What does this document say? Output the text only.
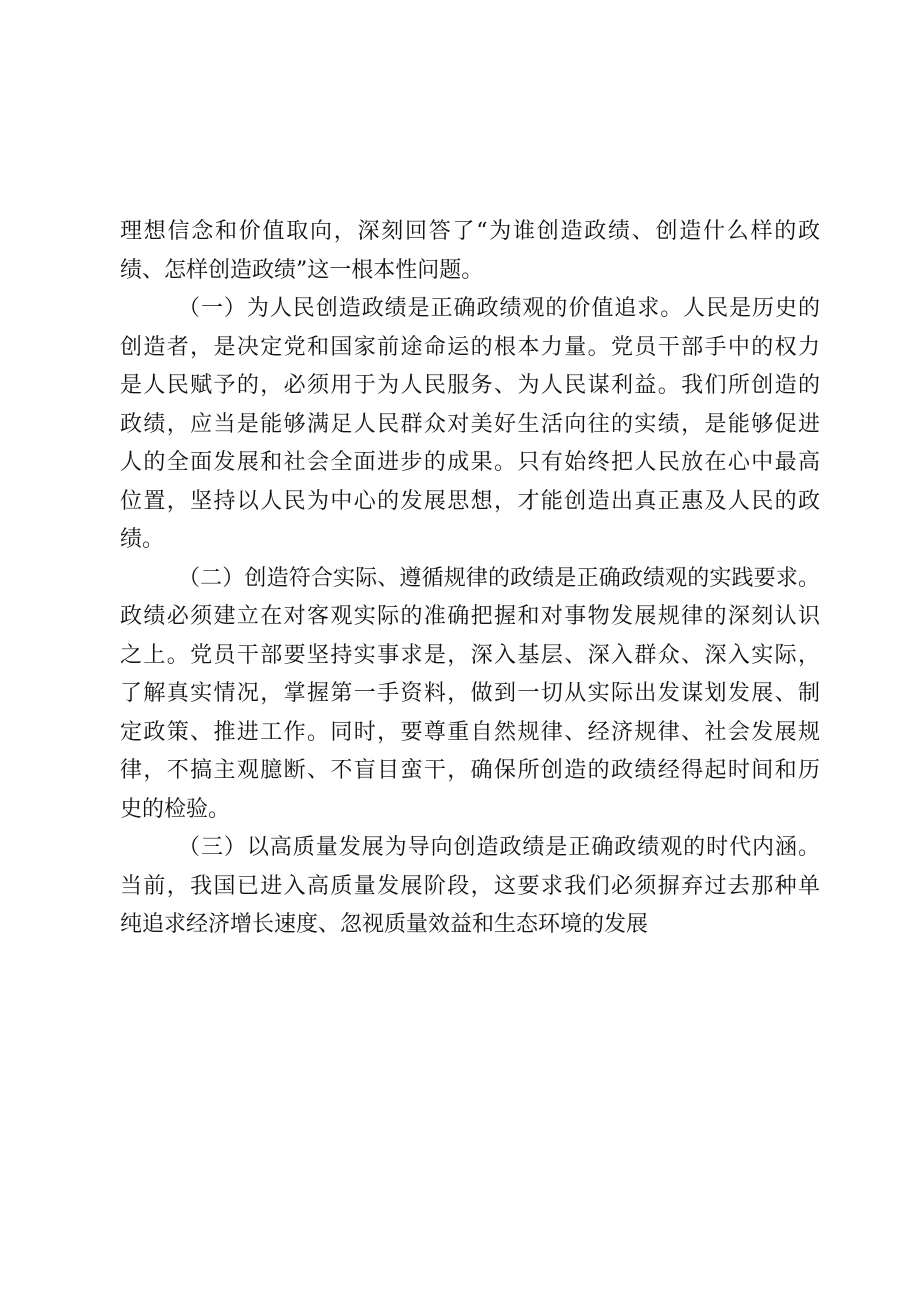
理想信念和价值取向，深刻回答了“为谁创造政绩、创造什么样的政
绩、怎样创造政绩”这一根本性问题。

（一）为人民创造政绩是正确政绩观的价值追求。人民是历史的
创造者，是决定党和国家前途命运的根本力量。党员干部手中的权力
是人民赋予的，必须用于为人民服务、为人民谋利益。我们所创造的
政绩，应当是能够满足人民群众对美好生活向往的实绩，是能够促进
人的全面发展和社会全面进步的成果。只有始终把人民放在心中最高
位置，坚持以人民为中心的发展思想，才能创造出真正惠及人民的政
绩。

（二）创造符合实际、遵循规律的政绩是正确政绩观的实践要求。
政绩必须建立在对客观实际的准确把握和对事物发展规律的深刻认识
之上。党员干部要坚持实事求是，深入基层、深入群众、深入实际，
了解真实情况，掌握第一手资料，做到一切从实际出发谋划发展、制
定政策、推进工作。同时，要尊重自然规律、经济规律、社会发展规
律，不搞主观臆断、不盲目蛮干，确保所创造的政绩经得起时间和历
史的检验。

（三）以高质量发展为导向创造政绩是正确政绩观的时代内涵。
当前，我国已进入高质量发展阶段，这要求我们必须摒弃过去那种单
纯追求经济增长速度、忽视质量效益和生态环境的发展
